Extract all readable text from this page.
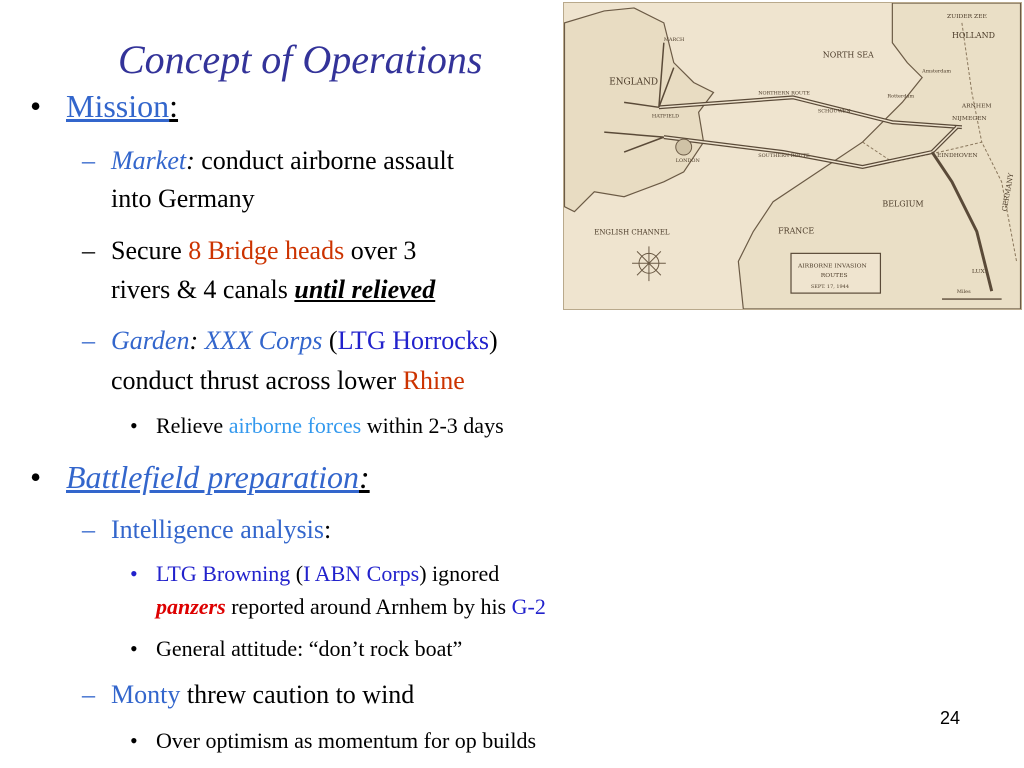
Concept of Operations	NORTH SEA
ENGLAND
HOLLAND
ZUIDER ZEE
BELGIUM
FRANCE
GERMANY
ENGLISH CHANNEL
NORTHERN ROUTE
SOUTHERN ROUTE
ARNHEM
NIJMEGEN
EINDHOVEN
MARCH
HATFIELD
LONDON
SCHOUWEN
Amsterdam
Rotterdam
LUX.
Miles
AIRBORNE INVASION
ROUTES
SEPT. 17, 1944
• Mission:
– Market: conduct airborne assault
into Germany
– Secure 8 Bridge heads over 3
rivers & 4 canals until relieved
– Garden: XXX Corps (LTG Horrocks)
conduct thrust across lower Rhine
• Relieve airborne forces within 2-3 days
• Battlefield preparation:
– Intelligence analysis:
• LTG Browning (I ABN Corps) ignored
panzers reported around Arnhem by his G-2
• General attitude: “don’t rock boat”
– Monty threw caution to wind
• Over optimism as momentum for op builds
24
